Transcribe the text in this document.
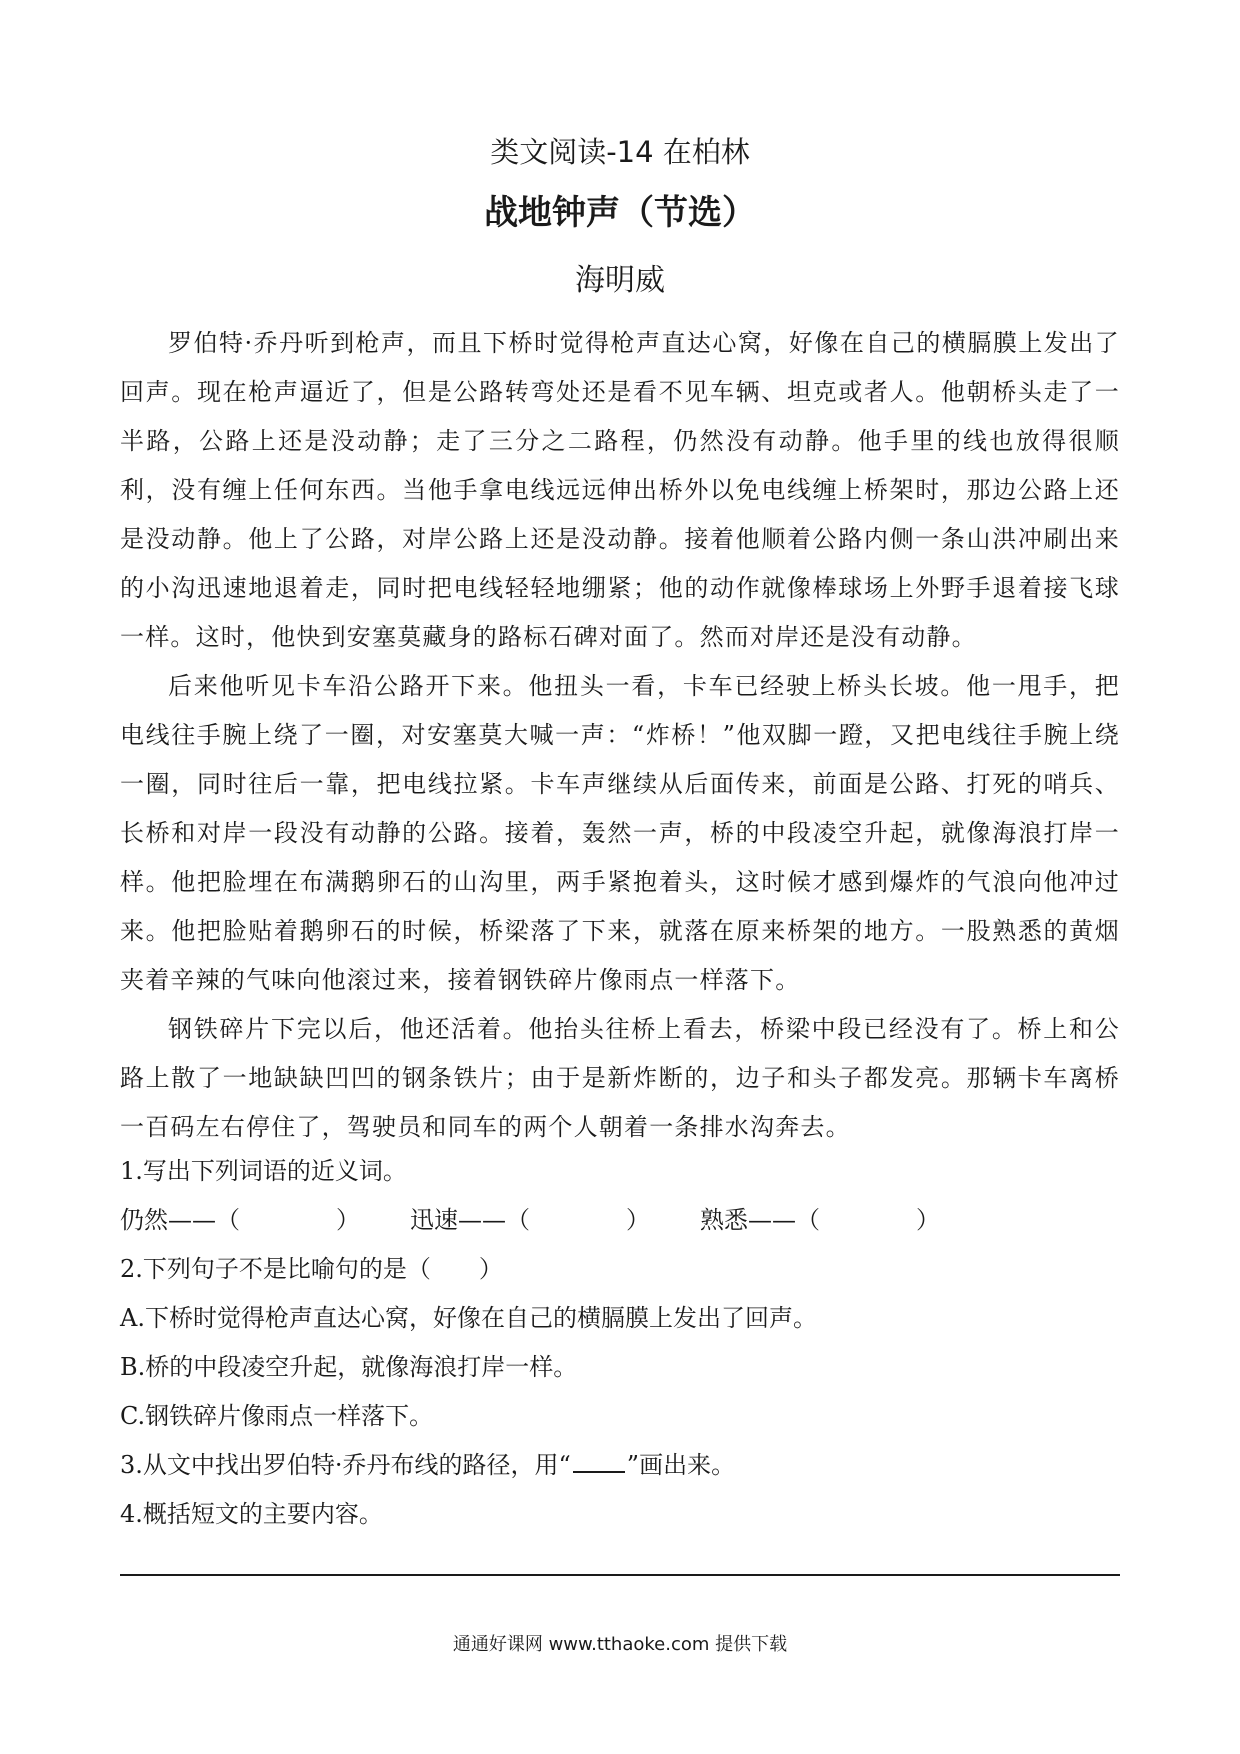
类文阅读-14 在柏林
战地钟声（节选）
海明威

罗伯特·乔丹听到枪声，而且下桥时觉得枪声直达心窝，好像在自己的横膈膜上发出了回声。现在枪声逼近了，但是公路转弯处还是看不见车辆、坦克或者人。他朝桥头走了一半路，公路上还是没动静；走了三分之二路程，仍然没有动静。他手里的线也放得很顺利，没有缠上任何东西。当他手拿电线远远伸出桥外以免电线缠上桥架时，那边公路上还是没动静。他上了公路，对岸公路上还是没动静。接着他顺着公路内侧一条山洪冲刷出来的小沟迅速地退着走，同时把电线轻轻地绷紧；他的动作就像棒球场上外野手退着接飞球一样。这时，他快到安塞莫藏身的路标石碑对面了。然而对岸还是没有动静。

后来他听见卡车沿公路开下来。他扭头一看，卡车已经驶上桥头长坡。他一甩手，把电线往手腕上绕了一圈，对安塞莫大喊一声：“炸桥！”他双脚一蹬，又把电线往手腕上绕一圈，同时往后一靠，把电线拉紧。卡车声继续从后面传来，前面是公路、打死的哨兵、长桥和对岸一段没有动静的公路。接着，轰然一声，桥的中段凌空升起，就像海浪打岸一样。他把脸埋在布满鹅卵石的山沟里，两手紧抱着头，这时候才感到爆炸的气浪向他冲过来。他把脸贴着鹅卵石的时候，桥梁落了下来，就落在原来桥架的地方。一股熟悉的黄烟夹着辛辣的气味向他滚过来，接着钢铁碎片像雨点一样落下。

钢铁碎片下完以后，他还活着。他抬头往桥上看去，桥梁中段已经没有了。桥上和公路上散了一地缺缺凹凹的钢条铁片；由于是新炸断的，边子和头子都发亮。那辆卡车离桥一百码左右停住了，驾驶员和同车的两个人朝着一条排水沟奔去。

1.写出下列词语的近义词。
仍然——（　　　　）	迅速——（　　　　）	熟悉——（　　　　）
2.下列句子不是比喻句的是（　　）
A.下桥时觉得枪声直达心窝，好像在自己的横膈膜上发出了回声。
B.桥的中段凌空升起，就像海浪打岸一样。
C.钢铁碎片像雨点一样落下。
3.从文中找出罗伯特·乔丹布线的路径，用“ ”画出来。
4.概括短文的主要内容。
通通好课网 www.tthaoke.com 提供下载
